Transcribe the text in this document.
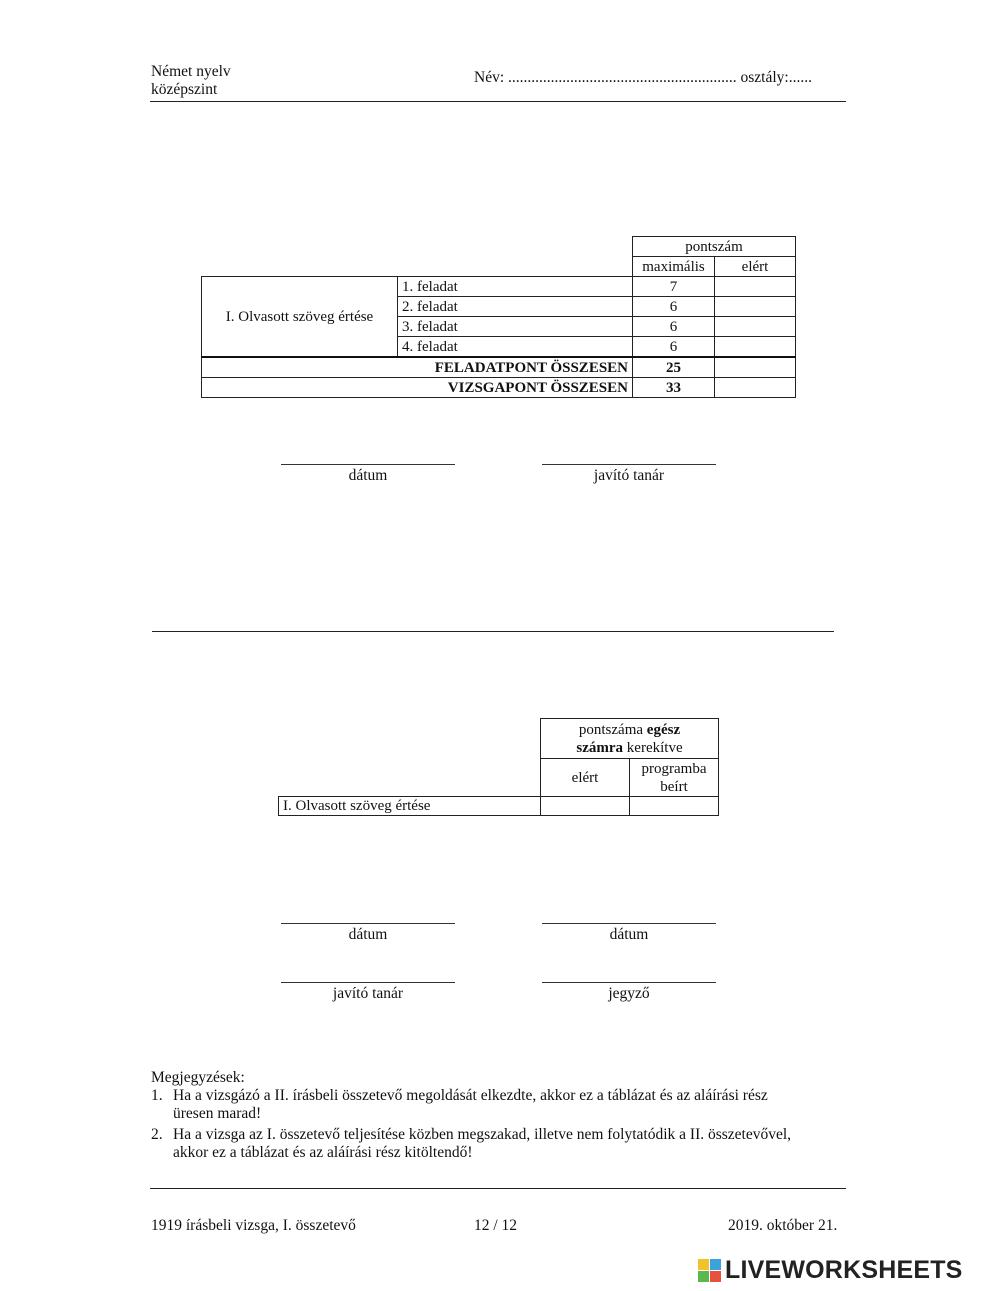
Német nyelv
középszint
Név: ........................................................... osztály:......
		pontszám	
		maximális	elért
I. Olvasott szöveg értése	1. feladat	7	
	2. feladat	6	
	3. feladat	6	
	4. feladat	6	
FELADATPONT ÖSSZESEN		25	
VIZSGAPONT ÖSSZESEN		33	
dátum	javító tanár
	pontszáma egész
számra kerekítve	
	elért	programba
beírt
I. Olvasott szöveg értése		
dátum	dátum
javító tanár	jegyző
Megjegyzések:
1. Ha a vizsgázó a II. írásbeli összetevő megoldását elkezdte, akkor ez a táblázat és az aláírási rész
üresen marad!
2. Ha a vizsga az I. összetevő teljesítése közben megszakad, illetve nem folytatódik a II. összetevővel,
akkor ez a táblázat és az aláírási rész kitöltendő!
1919 írásbeli vizsga, I. összetevő	12 / 12	2019. október 21.
LIVEWORKSHEETS
